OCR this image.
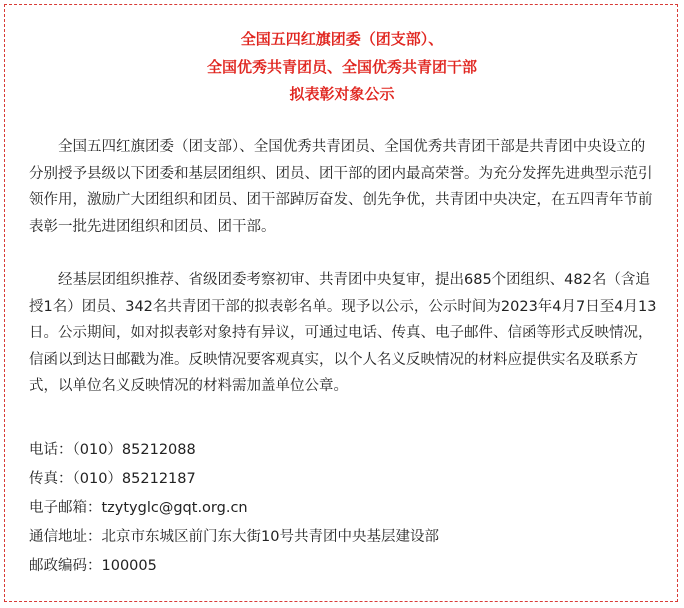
全国五四红旗团委（团支部）、
全国优秀共青团员、全国优秀共青团干部
拟表彰对象公示

全国五四红旗团委（团支部）、全国优秀共青团员、全国优秀共青团干部是共青团中央设立的分别授予县级以下团委和基层团组织、团员、团干部的团内最高荣誉。为充分发挥先进典型示范引领作用，激励广大团组织和团员、团干部踔厉奋发、创先争优，共青团中央决定，在五四青年节前表彰一批先进团组织和团员、团干部。

经基层团组织推荐、省级团委考察初审、共青团中央复审，提出685个团组织、482名（含追授1名）团员、342名共青团干部的拟表彰名单。现予以公示，公示时间为2023年4月7日至4月13日。公示期间，如对拟表彰对象持有异议，可通过电话、传真、电子邮件、信函等形式反映情况，信函以到达日邮戳为准。反映情况要客观真实，以个人名义反映情况的材料应提供实名及联系方式，以单位名义反映情况的材料需加盖单位公章。

电话：（010）85212088
传真：（010）85212187
电子邮箱：tzytyglc@gqt.org.cn
通信地址：北京市东城区前门东大街10号共青团中央基层建设部
邮政编码：100005
